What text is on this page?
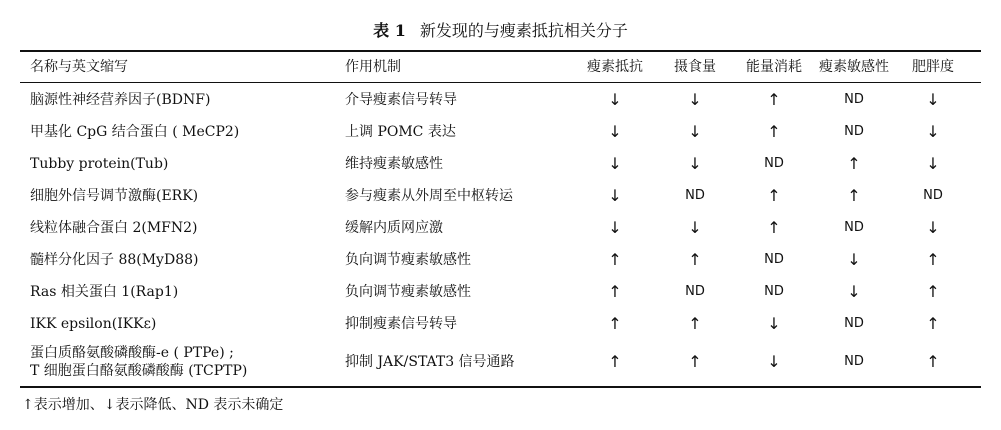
表 1 新发现的与瘦素抵抗相关分子
名称与英文缩写	作用机制	瘦素抵抗	摄食量	能量消耗	瘦素敏感性	肥胖度
脑源性神经营养因子(BDNF)	介导瘦素信号转导	↓	↓	↑	ND	↓
甲基化 CpG 结合蛋白 ( MeCP2)	上调 POMC 表达	↓	↓	↑	ND	↓
Tubby protein(Tub)	维持瘦素敏感性	↓	↓	ND	↑	↓
细胞外信号调节激酶(ERK)	参与瘦素从外周至中枢转运	↓	ND	↑	↑	ND
线粒体融合蛋白 2(MFN2)	缓解内质网应激	↓	↓	↑	ND	↓
髓样分化因子 88(MyD88)	负向调节瘦素敏感性	↑	↑	ND	↓	↑
Ras 相关蛋白 1(Rap1)	负向调节瘦素敏感性	↑	ND	ND	↓	↑
IKK epsilon(IKKε)	抑制瘦素信号转导	↑	↑	↓	ND	↑
蛋白质酪氨酸磷酸酶-e ( PTPe) ;
T 细胞蛋白酪氨酸磷酸酶 (TCPTP)
抑制 JAK/STAT3 信号通路	↑	↑	↓	ND	↑
↑表示增加、↓表示降低、ND 表示未确定
